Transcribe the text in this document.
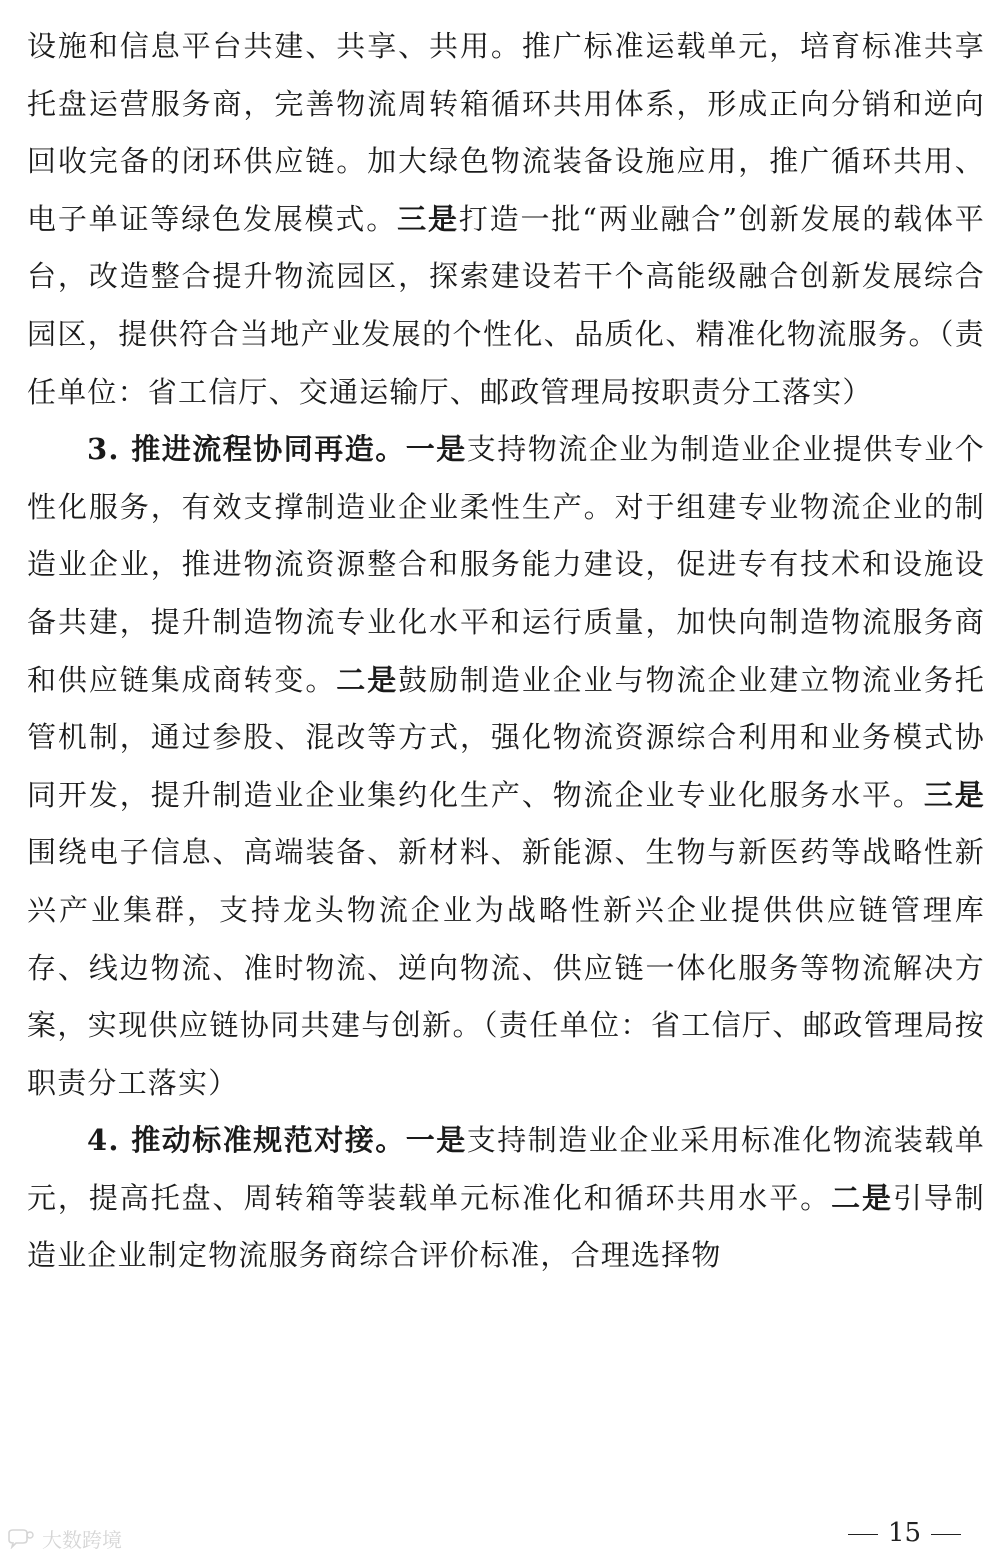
设施和信息平台共建、共享、共用。推广标准运载单元，培育标准共享托盘运营服务商，完善物流周转箱循环共用体系，形成正向分销和逆向回收完备的闭环供应链。加大绿色物流装备设施应用，推广循环共用、电子单证等绿色发展模式。三是打造一批“两业融合”创新发展的载体平台，改造整合提升物流园区，探索建设若干个高能级融合创新发展综合园区，提供符合当地产业发展的个性化、品质化、精准化物流服务。（责任单位：省工信厅、交通运输厅、邮政管理局按职责分工落实）

3. 推进流程协同再造。一是支持物流企业为制造业企业提供专业个性化服务，有效支撑制造业企业柔性生产。对于组建专业物流企业的制造业企业，推进物流资源整合和服务能力建设，促进专有技术和设施设备共建，提升制造物流专业化水平和运行质量，加快向制造物流服务商和供应链集成商转变。二是鼓励制造业企业与物流企业建立物流业务托管机制，通过参股、混改等方式，强化物流资源综合利用和业务模式协同开发，提升制造业企业集约化生产、物流企业专业化服务水平。三是围绕电子信息、高端装备、新材料、新能源、生物与新医药等战略性新兴产业集群，支持龙头物流企业为战略性新兴企业提供供应链管理库存、线边物流、准时物流、逆向物流、供应链一体化服务等物流解决方案，实现供应链协同共建与创新。（责任单位：省工信厅、邮政管理局按职责分工落实）

4. 推动标准规范对接。一是支持制造业企业采用标准化物流装载单元，提高托盘、周转箱等装载单元标准化和循环共用水平。二是引导制造业企业制定物流服务商综合评价标准，合理选择物

15
大数跨境
